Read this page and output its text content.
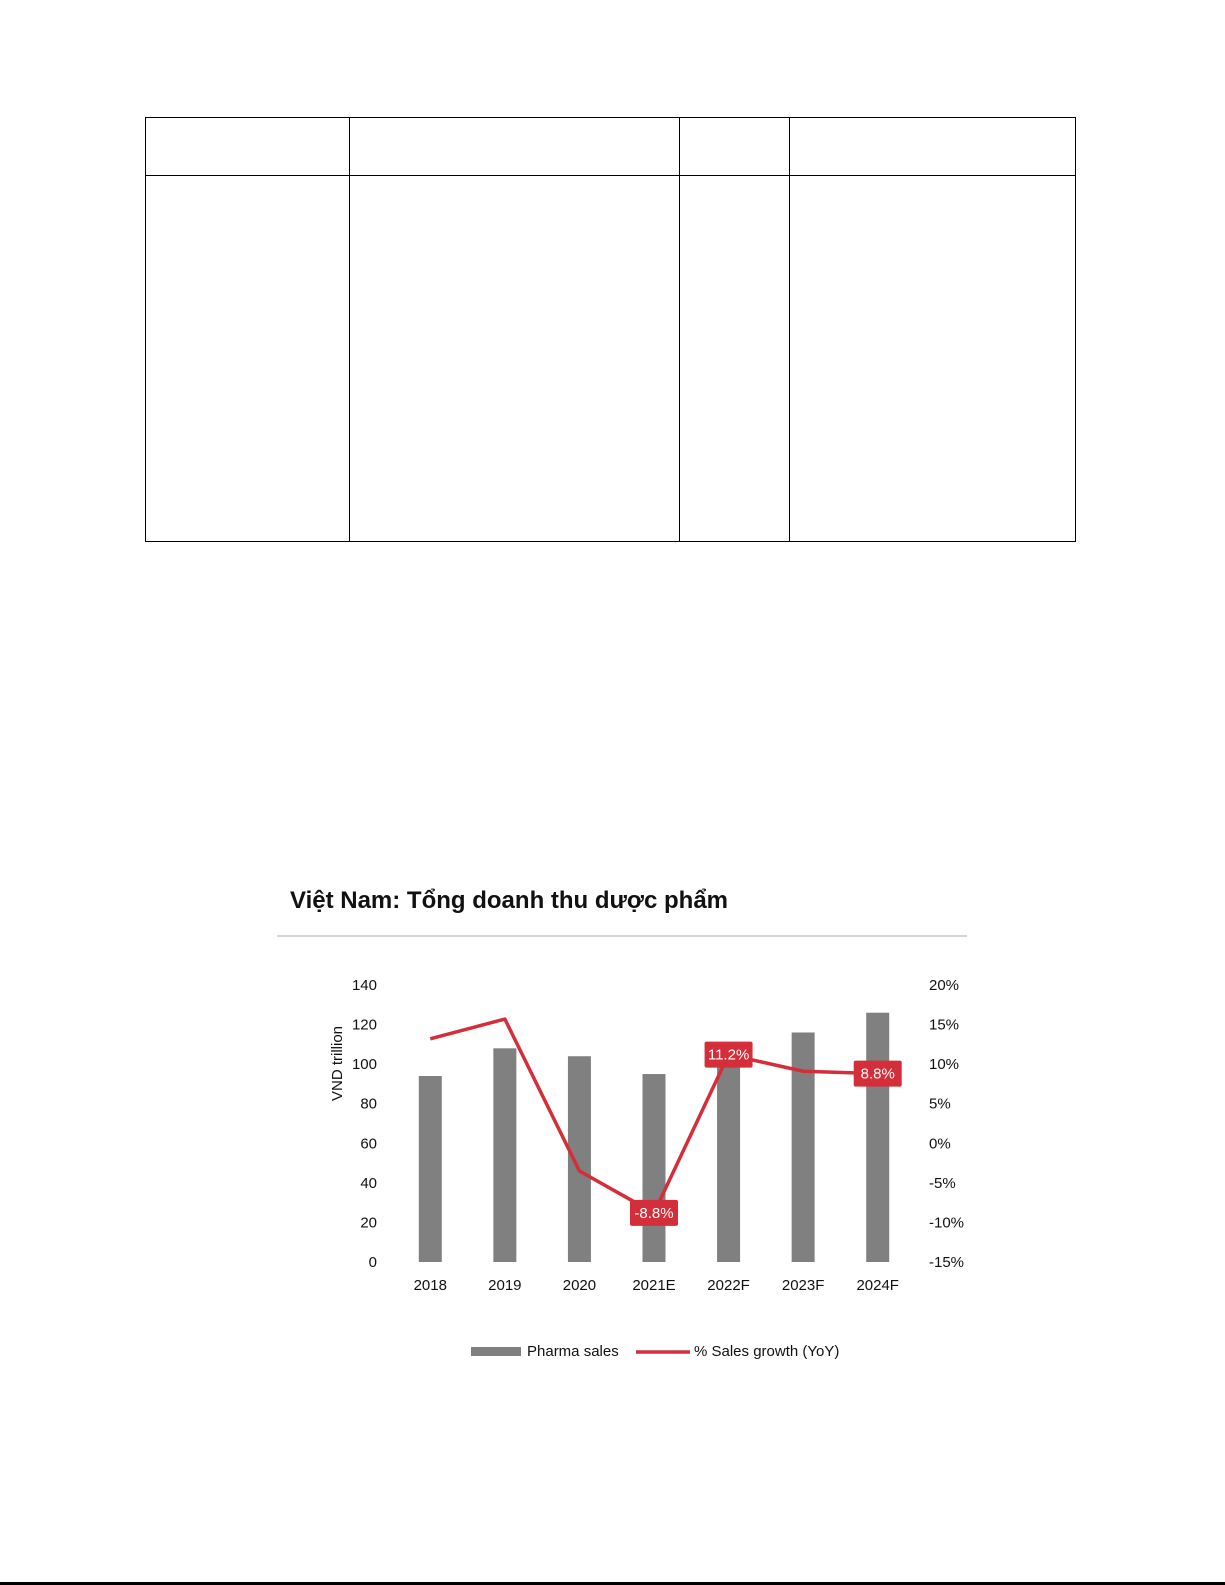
Việt Nam: Tổng doanh thu dược phẩm
VND trillion
0
20
40
60
80
100
120
140
-15%
-10%
-5%
0%
5%
10%
15%
20%
2018	2019	2020 2021E 2022F 2023F 2024F
-8.8%
11.2%
8.8%
Pharma sales	% Sales growth (YoY)
